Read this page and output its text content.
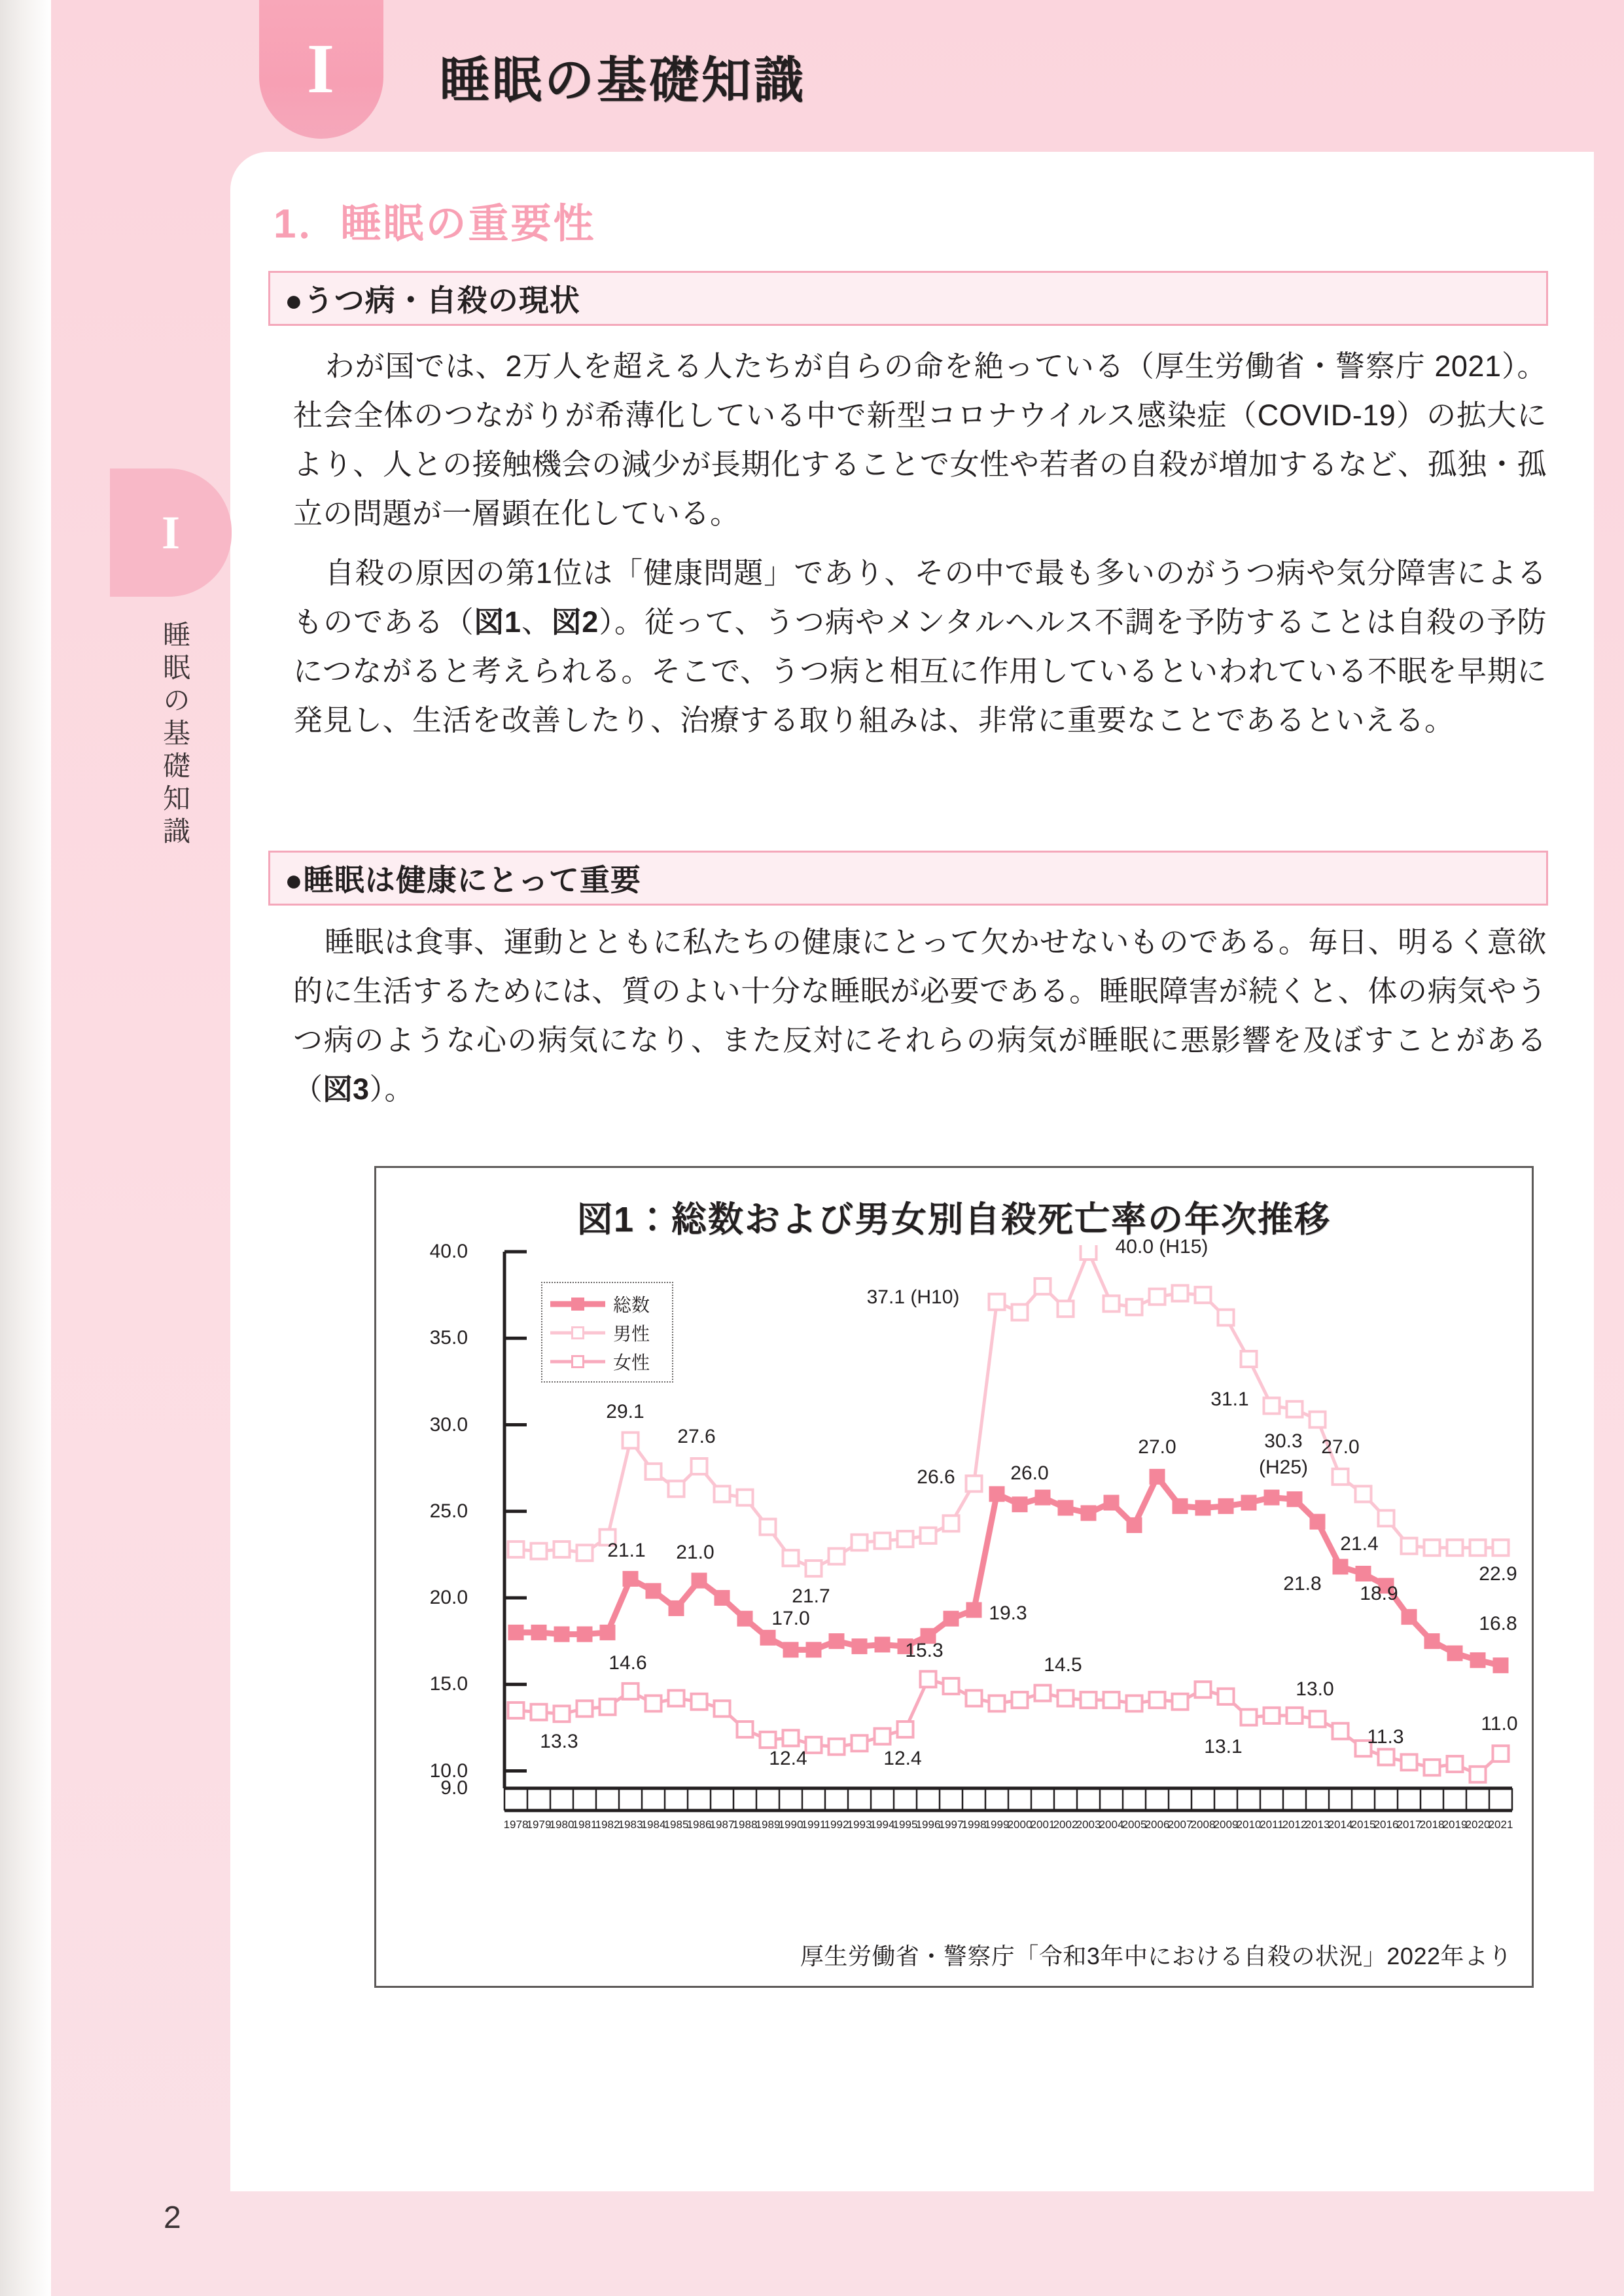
I 睡眠の基礎知識
I
睡眠の基礎知識
1．睡眠の重要性
●うつ病・自殺の現状
わが国では、2万人を超える人たちが自らの命を絶っている（厚生労働省・警察庁 2021）。社会全体のつながりが希薄化している中で新型コロナウイルス感染症（COVID-19）の拡大により、人との接触機会の減少が長期化することで女性や若者の自殺が増加するなど、孤独・孤立の問題が一層顕在化している。
自殺の原因の第1位は「健康問題」であり、その中で最も多いのがうつ病や気分障害によるものである（図1、図2）。従って、うつ病やメンタルヘルス不調を予防することは自殺の予防につながると考えられる。そこで、うつ病と相互に作用しているといわれている不眠を早期に発見し、生活を改善したり、治療する取り組みは、非常に重要なことであるといえる。
●睡眠は健康にとって重要
睡眠は食事、運動とともに私たちの健康にとって欠かせないものである。毎日、明るく意欲的に生活するためには、質のよい十分な睡眠が必要である。睡眠障害が続くと、体の病気やうつ病のような心の病気になり、また反対にそれらの病気が睡眠に悪影響を及ぼすことがある（図3）。
図1：総数および男女別自殺死亡率の年次推移
総数
男性
女性
9.0
10.0
15.0
20.0
25.0
30.0
35.0
40.0
1978
1979
1980
1981
1982
1983
1984
1985
1986
1987
1988
1989
1990
1991
1992
1993
1994
1995
1996
1997
1998
1999
2000
2001
2002
2003
2004
2005
2006
2007
2008
2009
2010
2011
2012
2013
2014
2015
2016
2017
2018
2019
2020
2021
21.1 21.0
17.0	19.3
26.0
27.0
21.8
21.4
18.9
16.8
29.1
27.6
21.7
26.6
37.1 (H10)
40.0 (H15)
31.1
30.3
(H25)
27.0
22.9
13.3
14.6
12.4	12.4
15.3
14.5
13.1
13.0
11.3
11.0
厚生労働省・警察庁「令和3年中における自殺の状況」2022年より
2
